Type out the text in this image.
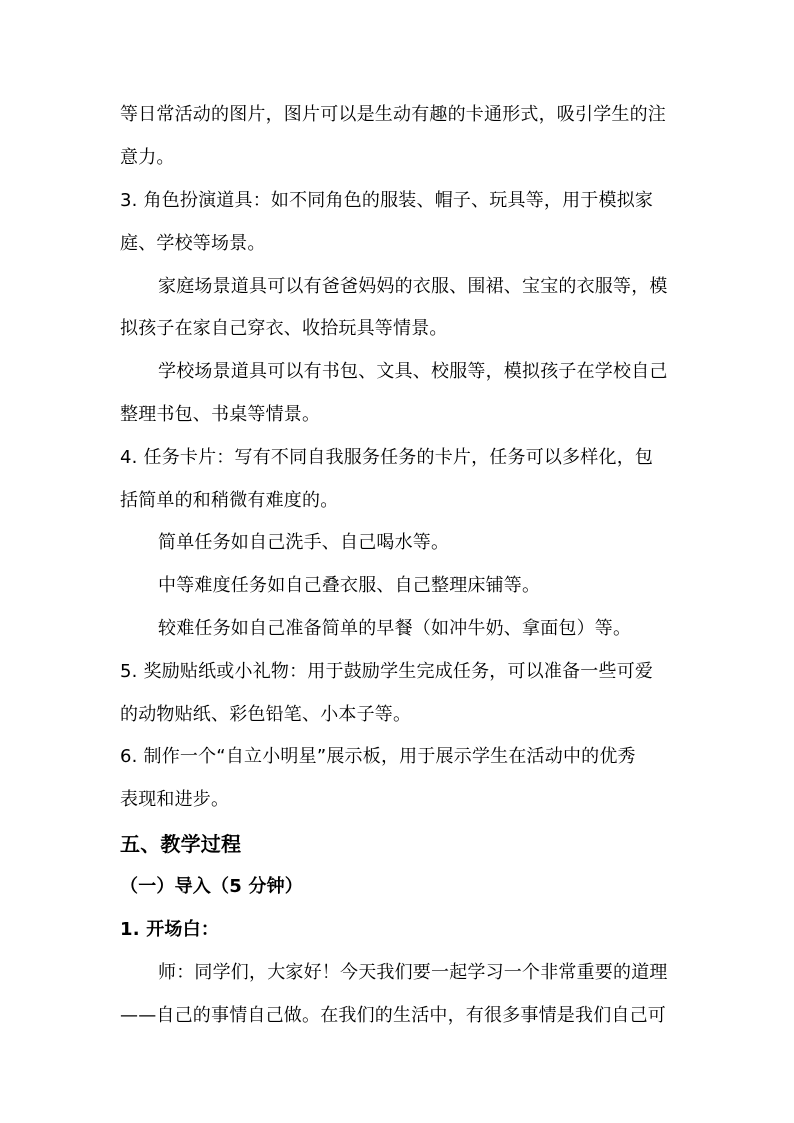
等日常活动的图片，图片可以是生动有趣的卡通形式，吸引学生的注
意力。
3. 角色扮演道具：如不同角色的服装、帽子、玩具等，用于模拟家
庭、学校等场景。
家庭场景道具可以有爸爸妈妈的衣服、围裙、宝宝的衣服等，模
拟孩子在家自己穿衣、收拾玩具等情景。
学校场景道具可以有书包、文具、校服等，模拟孩子在学校自己
整理书包、书桌等情景。
4. 任务卡片：写有不同自我服务任务的卡片，任务可以多样化，包
括简单的和稍微有难度的。
简单任务如自己洗手、自己喝水等。
中等难度任务如自己叠衣服、自己整理床铺等。
较难任务如自己准备简单的早餐（如冲牛奶、拿面包）等。
5. 奖励贴纸或小礼物：用于鼓励学生完成任务，可以准备一些可爱
的动物贴纸、彩色铅笔、小本子等。
6. 制作一个“自立小明星”展示板，用于展示学生在活动中的优秀
表现和进步。
五、教学过程
（一）导入（5 分钟）
1. 开场白：
师：同学们，大家好！今天我们要一起学习一个非常重要的道理
——自己的事情自己做。在我们的生活中，有很多事情是我们自己可
